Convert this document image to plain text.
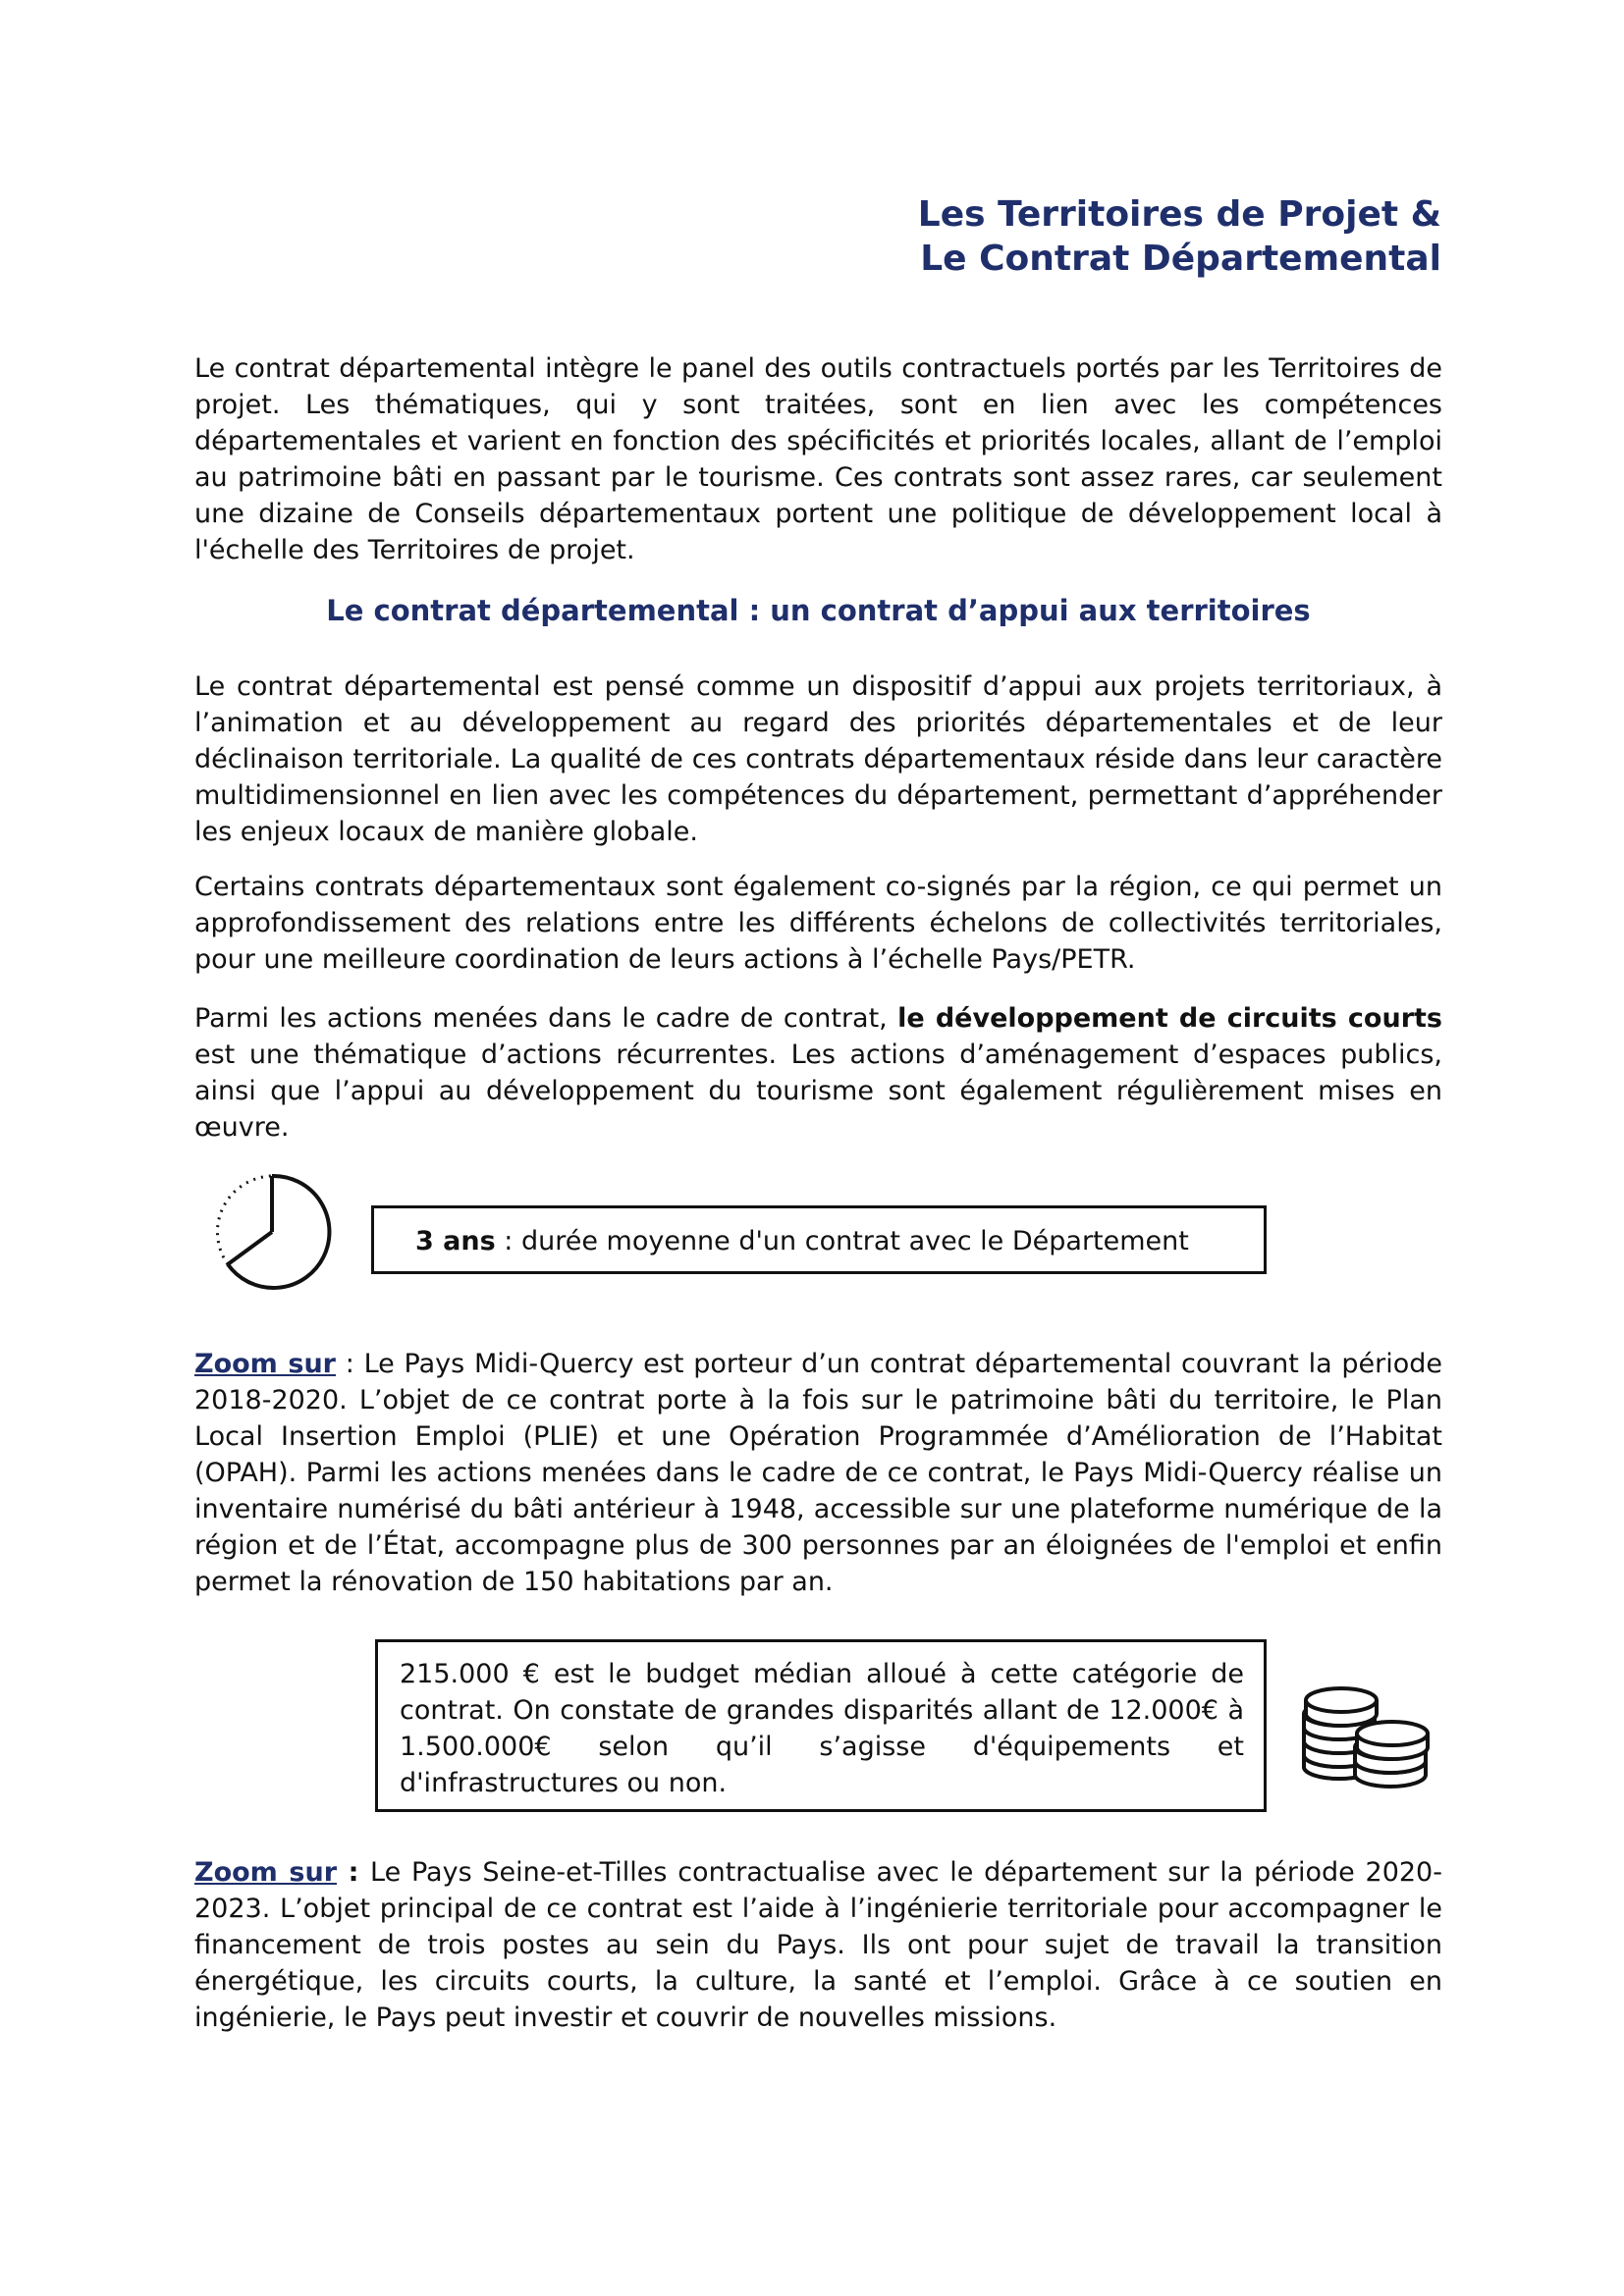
Les Territoires de Projet &
Le Contrat Départemental

Le contrat départemental intègre le panel des outils contractuels portés par les Territoires de projet. Les thématiques, qui y sont traitées, sont en lien avec les compétences départementales et varient en fonction des spécificités et priorités locales, allant de l’emploi au patrimoine bâti en passant par le tourisme. Ces contrats sont assez rares, car seulement une dizaine de Conseils départementaux portent une politique de développement local à l'échelle des Territoires de projet.

Le contrat départemental : un contrat d’appui aux territoires

Le contrat départemental est pensé comme un dispositif d’appui aux projets territoriaux, à l’animation et au développement au regard des priorités départementales et de leur déclinaison territoriale. La qualité de ces contrats départementaux réside dans leur caractère multidimensionnel en lien avec les compétences du département, permettant d’appréhender les enjeux locaux de manière globale.

Certains contrats départementaux sont également co-signés par la région, ce qui permet un approfondissement des relations entre les différents échelons de collectivités territoriales, pour une meilleure coordination de leurs actions à l’échelle Pays/PETR.

Parmi les actions menées dans le cadre de contrat, le développement de circuits courts est une thématique d’actions récurrentes. Les actions d’aménagement d’espaces publics, ainsi que l’appui au développement du tourisme sont également régulièrement mises en œuvre.

3 ans : durée moyenne d'un contrat avec le Département

Zoom sur : Le Pays Midi-Quercy est porteur d’un contrat départemental couvrant la période 2018-2020. L’objet de ce contrat porte à la fois sur le patrimoine bâti du territoire, le Plan Local Insertion Emploi (PLIE) et une Opération Programmée d’Amélioration de l’Habitat (OPAH). Parmi les actions menées dans le cadre de ce contrat, le Pays Midi-Quercy réalise un inventaire numérisé du bâti antérieur à 1948, accessible sur une plateforme numérique de la région et de l’État, accompagne plus de 300 personnes par an éloignées de l'emploi et enfin permet la rénovation de 150 habitations par an.

215.000 € est le budget médian alloué à cette catégorie de contrat. On constate de grandes disparités allant de 12.000€ à 1.500.000€ selon qu’il s’agisse d'équipements et d'infrastructures ou non.

Zoom sur : Le Pays Seine-et-Tilles contractualise avec le département sur la période 2020-2023. L’objet principal de ce contrat est l’aide à l’ingénierie territoriale pour accompagner le financement de trois postes au sein du Pays. Ils ont pour sujet de travail la transition énergétique, les circuits courts, la culture, la santé et l’emploi. Grâce à ce soutien en ingénierie, le Pays peut investir et couvrir de nouvelles missions.
